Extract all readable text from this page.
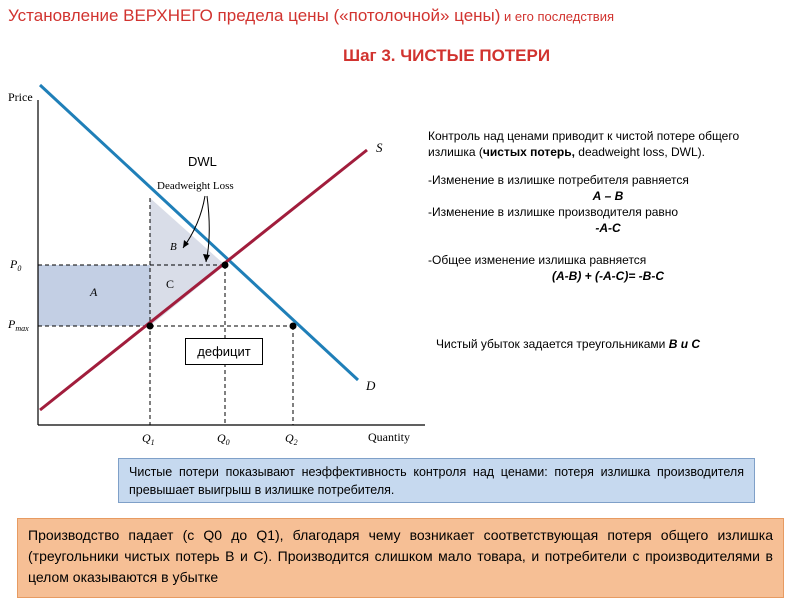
Установление ВЕРХНЕГО предела цены («потолочной» цены) и его последствия
Шаг 3. ЧИСТЫЕ ПОТЕРИ
Price
Quantity
S
D
$P_0$
$P_{max}$
$Q_1$	$Q_0$	$Q_2$
A
B
C
Deadweight Loss
DWL
дефицит

Контроль над ценами приводит к чистой потере общего излишка (чистых потерь, deadweight loss, DWL).

-Изменение в излишке потребителя равняется

А – В

-Изменение в излишке производителя равно

-А-С

-Общее изменение излишка равняется

(А-В) + (-А-С)= -В-С

Чистый убыток задается треугольниками В и С

Чистые потери показывают неэффективность контроля над ценами: потеря излишка производителя превышает выигрыш в излишке потребителя.
Производство падает (с Q0 до Q1), благодаря чему возникает соответствующая потеря общего излишка (треугольники чистых потерь В и С). Производится слишком мало товара, и потребители с производителями в целом оказываются в убытке
